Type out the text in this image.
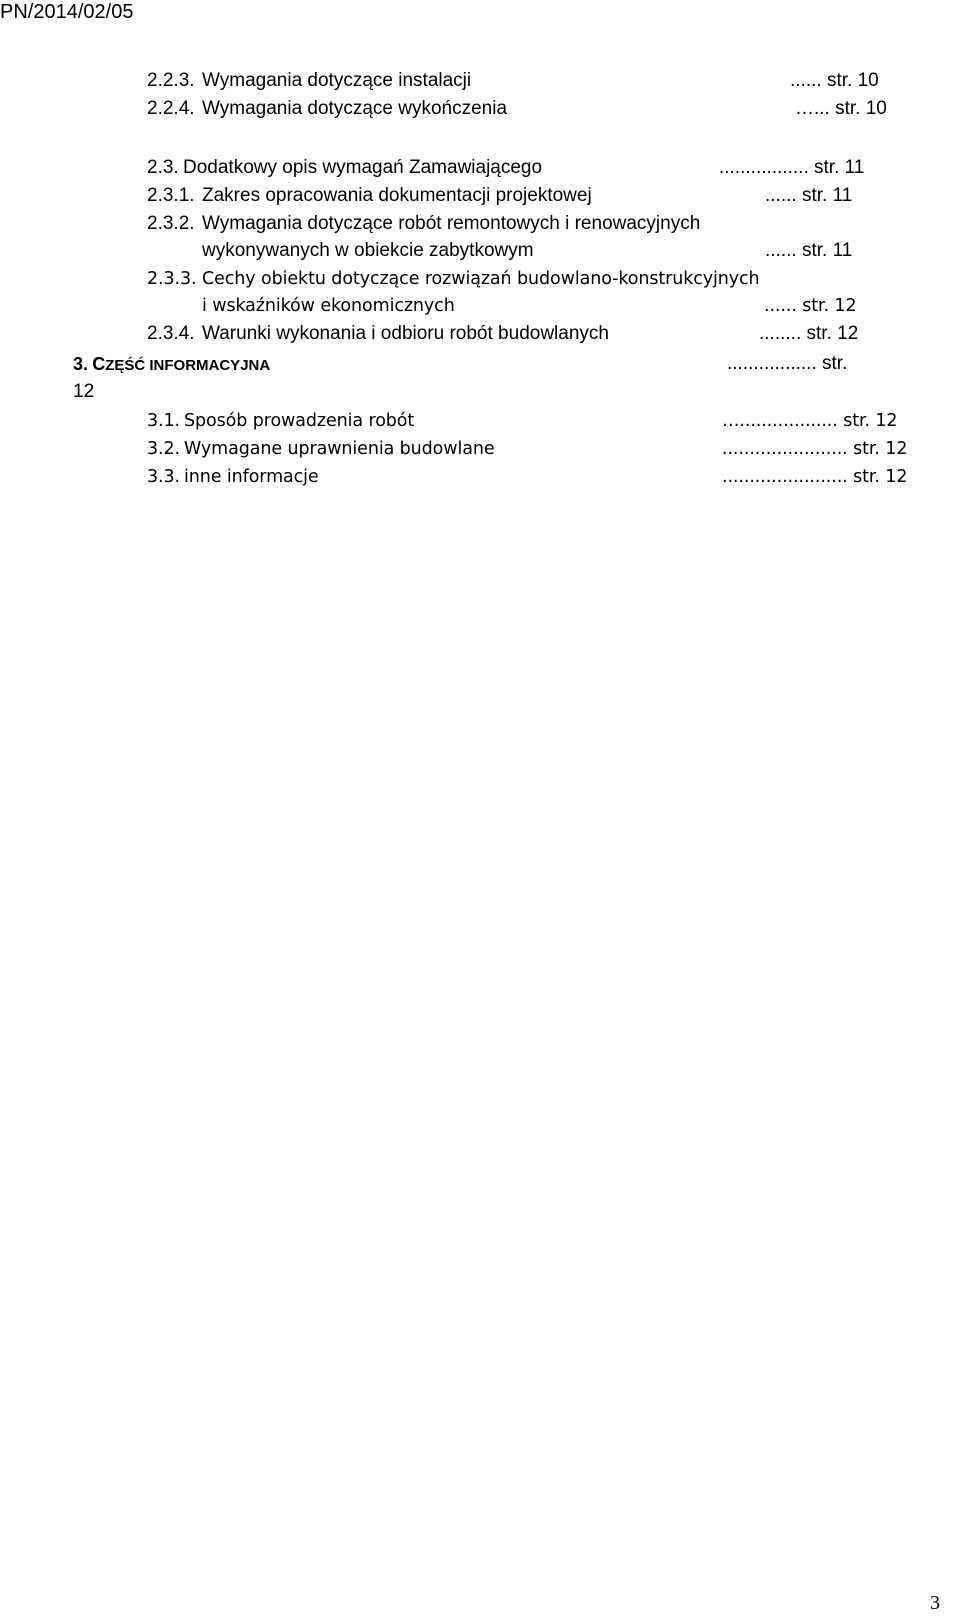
PN/2014/02/05
2.2.3. Wymagania dotyczące instalacji	...... str. 10
2.2.4. Wymagania dotyczące wykończenia	…... str. 10
2.3. Dodatkowy opis wymagań Zamawiającego	................. str. 11
2.3.1. Zakres opracowania dokumentacji projektowej	...... str. 11
2.3.2. Wymagania dotyczące robót remontowych i renowacyjnych
wykonywanych w obiekcie zabytkowym	...... str. 11
2.3.3. Cechy obiektu dotyczące rozwiązań budowlano-konstrukcyjnych
i wskaźników ekonomicznych	...... str. 12
2.3.4. Warunki wykonania i odbioru robót budowlanych	........ str. 12
3. CZĘŚĆ INFORMACYJNA	................. str.
12
3.1. Sposób prowadzenia robót	….................. str. 12
3.2. Wymagane uprawnienia budowlane	....................... str. 12
3.3. inne informacje	....................... str. 12
3
